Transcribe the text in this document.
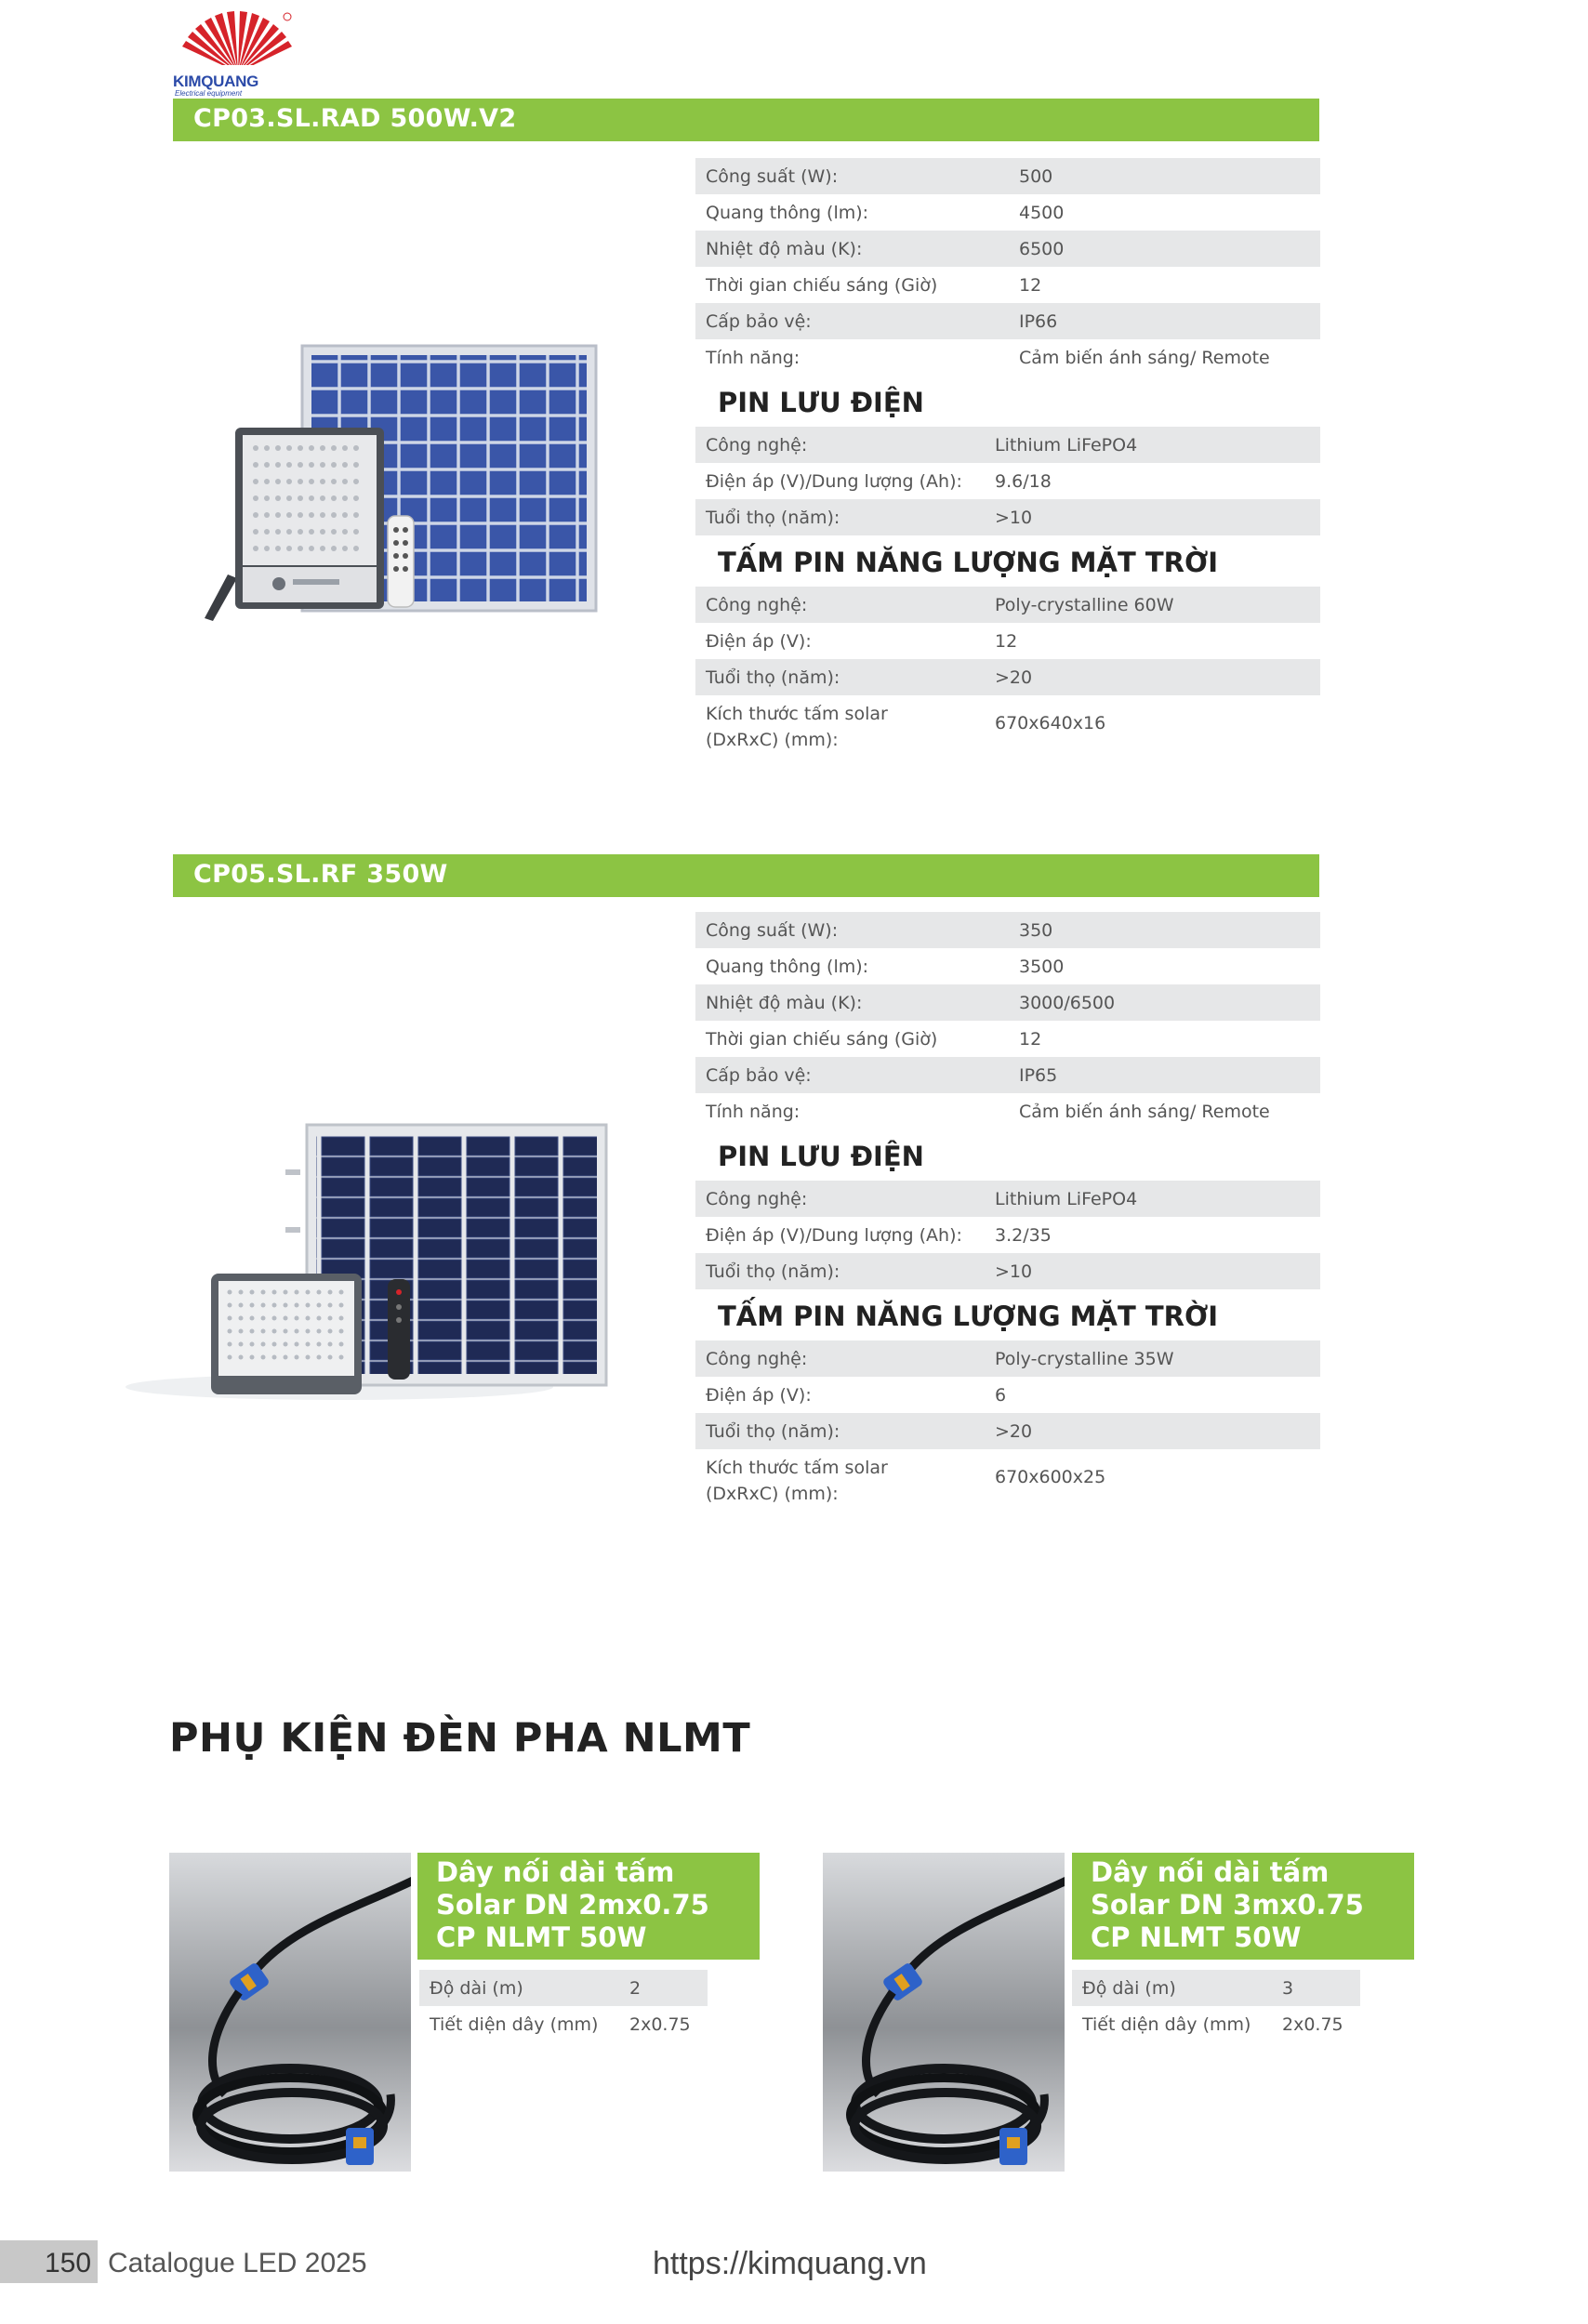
KIMQUANG
Electrical equipment
CP03.SL.RAD 500W.V2
Công suất (W):	500
Quang thông (lm):	4500
Nhiệt độ màu (K):	6500
Thời gian chiếu sáng (Giờ)	12
Cấp bảo vệ:	IP66
Tính năng:	Cảm biến ánh sáng/ Remote
PIN LƯU ĐIỆN
Công nghệ:	Lithium LiFePO4
Điện áp (V)/Dung lượng (Ah): 9.6/18
Tuổi thọ (năm):	>10
TẤM PIN NĂNG LƯỢNG MẶT TRỜI
Công nghệ:	Poly-crystalline 60W
Điện áp (V):	12
Tuổi thọ (năm):	>20
Kích thước tấm solar (DxRxC) (mm):
670x640x16
CP05.SL.RF 350W
Công suất (W):	350
Quang thông (lm):	3500
Nhiệt độ màu (K):	3000/6500
Thời gian chiếu sáng (Giờ)	12
Cấp bảo vệ:	IP65
Tính năng:	Cảm biến ánh sáng/ Remote
PIN LƯU ĐIỆN
Công nghệ:	Lithium LiFePO4
Điện áp (V)/Dung lượng (Ah): 3.2/35
Tuổi thọ (năm):	>10
TẤM PIN NĂNG LƯỢNG MẶT TRỜI
Công nghệ:	Poly-crystalline 35W
Điện áp (V):	6
Tuổi thọ (năm):	>20
Kích thước tấm solar (DxRxC) (mm):
670x600x25
PHỤ KIỆN ĐÈN PHA NLMT
Dây nối dài tấm Solar DN 2mx0.75 CP NLMT 50W
Độ dài (m)	2
Tiết diện dây (mm) 2x0.75
Dây nối dài tấm Solar DN 3mx0.75 CP NLMT 50W
Độ dài (m)	3
Tiết diện dây (mm) 2x0.75
150 Catalogue LED 2025	https://kimquang.vn
